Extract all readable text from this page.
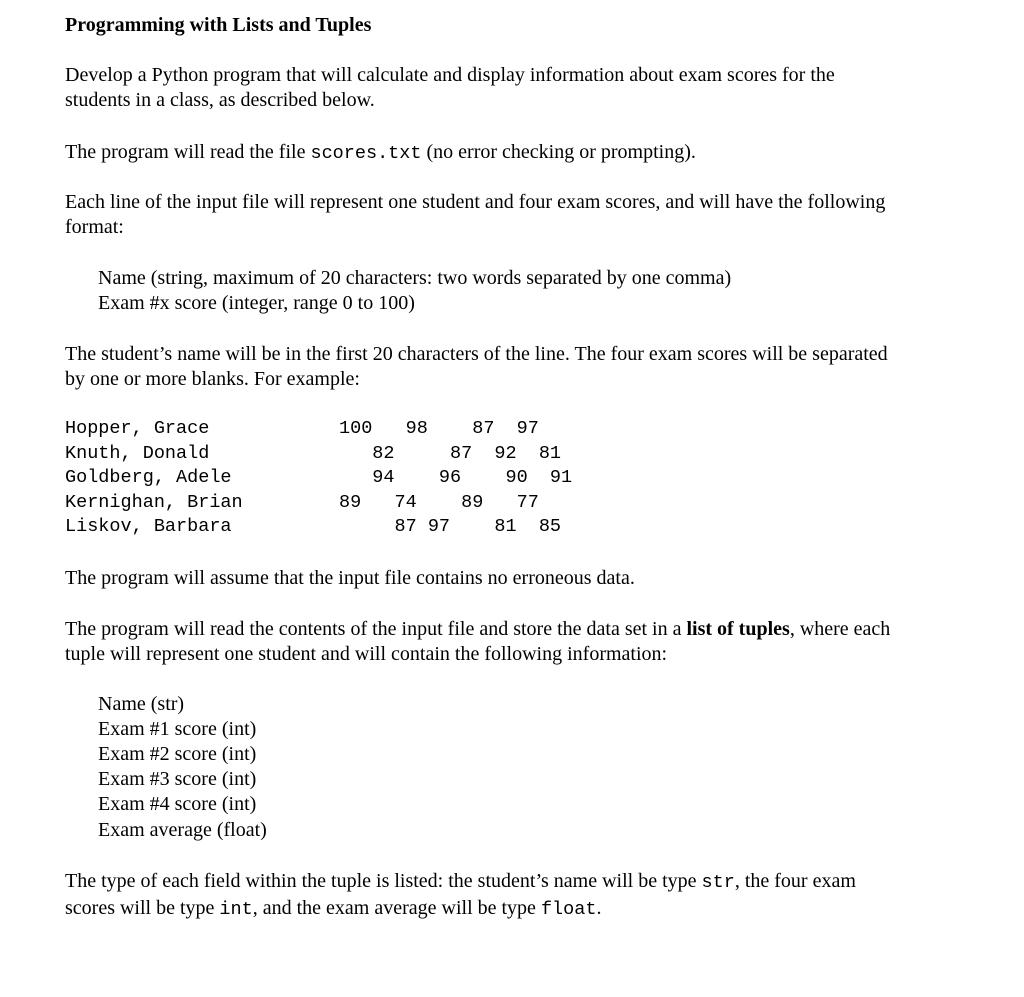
Programming with Lists and Tuples

Develop a Python program that will calculate and display information about exam scores for the

students in a class, as described below.

The program will read the file scores.txt (no error checking or prompting).

Each line of the input file will represent one student and four exam scores, and will have the following

format:

Name (string, maximum of 20 characters: two words separated by one comma)

Exam #x score (integer, range 0 to 100)

The student’s name will be in the first 20 characters of the line. The four exam scores will be separated

by one or more blanks. For example:

Hopper, Grace
Knuth, Donald
Goldberg, Adele
Kernighan, Brian
Liskov, Barbara
100   98    87  97
82     87  92  81
94    96    90  91
89   74    89   77
87 97    81  85

The program will assume that the input file contains no erroneous data.

The program will read the contents of the input file and store the data set in a list of tuples, where each

tuple will represent one student and will contain the following information:

Name (str)

Exam #1 score (int)

Exam #2 score (int)

Exam #3 score (int)

Exam #4 score (int)

Exam average (float)

The type of each field within the tuple is listed: the student’s name will be type str, the four exam

scores will be type int, and the exam average will be type float.
